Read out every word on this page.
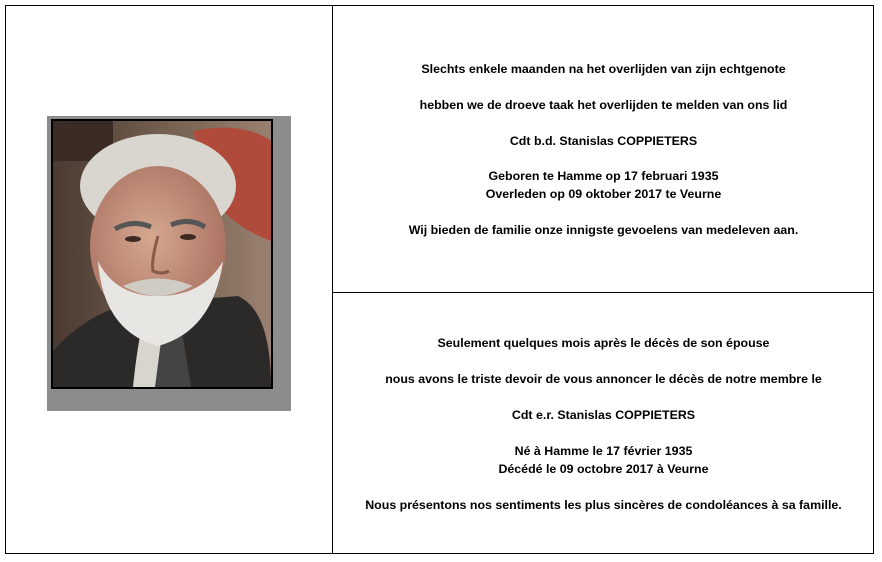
Slechts enkele maanden na het overlijden van zijn echtgenote
hebben we de droeve taak het overlijden te melden van ons lid
Cdt b.d. Stanislas COPPIETERS
Geboren te Hamme op 17 februari 1935
Overleden op 09 oktober 2017 te Veurne
Wij bieden de familie onze innigste gevoelens van medeleven aan.
Seulement quelques mois après le décès de son épouse
nous avons le triste devoir de vous annoncer le décès de notre membre le
Cdt e.r. Stanislas COPPIETERS
Né à Hamme le 17 février 1935
Décédé le 09 octobre 2017 à Veurne
Nous présentons nos sentiments les plus sincères de condoléances à sa famille.
